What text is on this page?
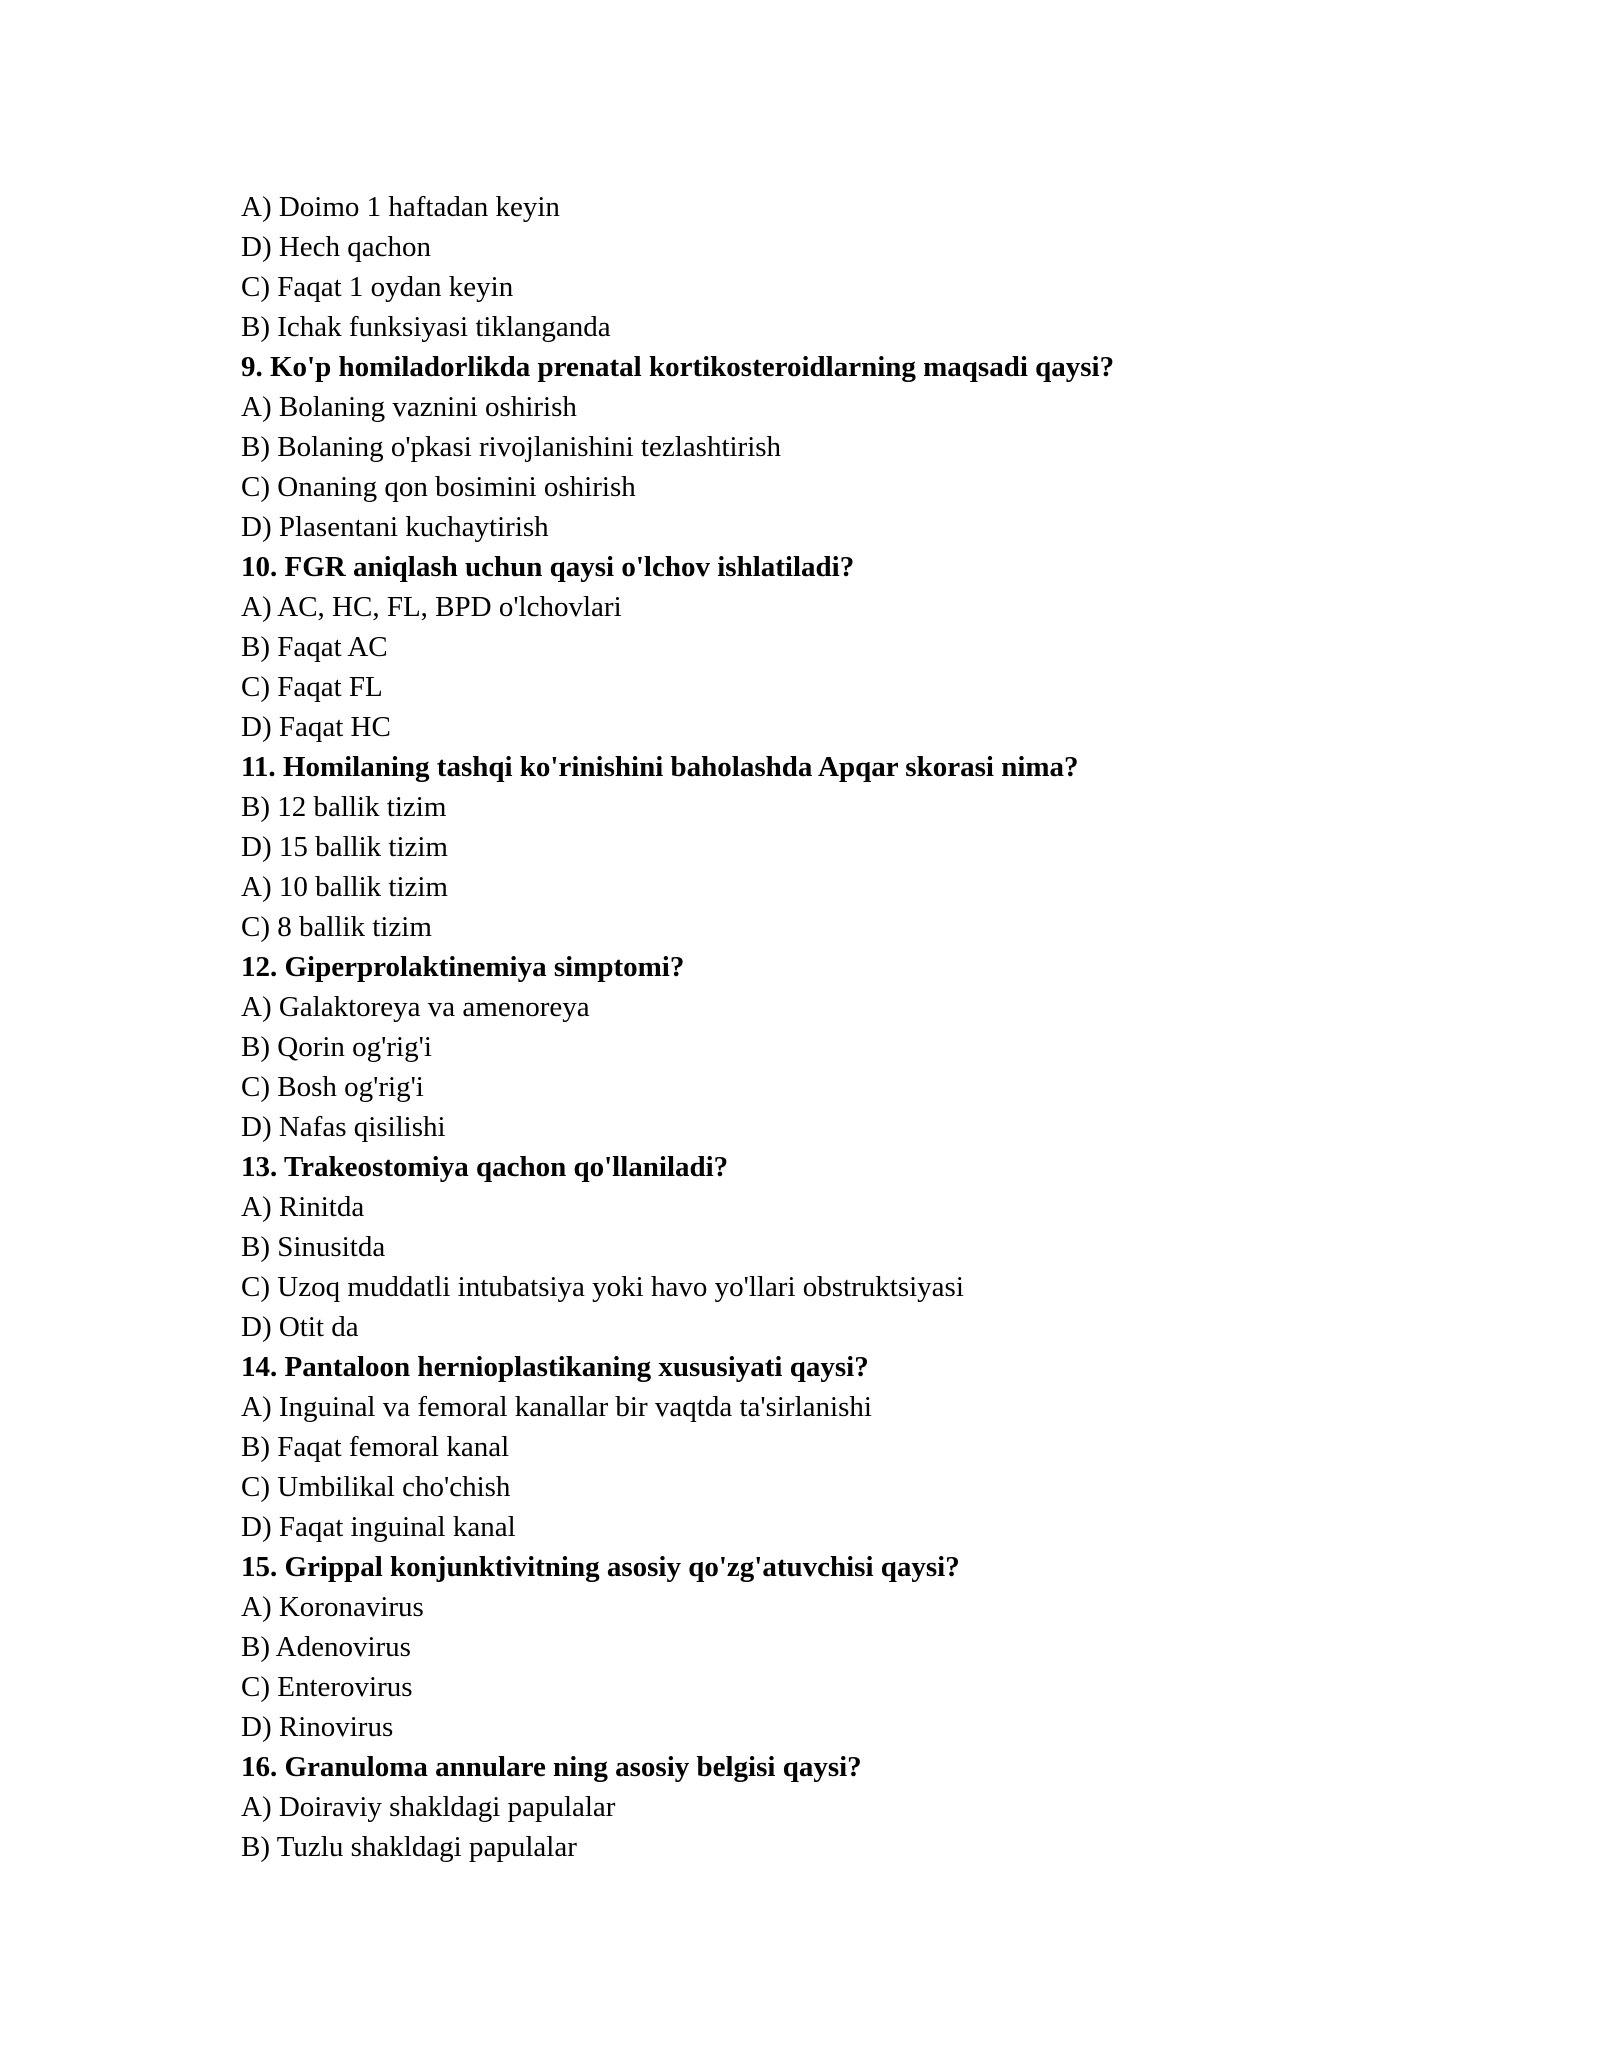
A) Doimo 1 haftadan keyin
D) Hech qachon
C) Faqat 1 oydan keyin
B) Ichak funksiyasi tiklanganda
9. Ko'p homiladorlikda prenatal kortikosteroidlarning maqsadi qaysi?
A) Bolaning vaznini oshirish
B) Bolaning o'pkasi rivojlanishini tezlashtirish
C) Onaning qon bosimini oshirish
D) Plasentani kuchaytirish
10. FGR aniqlash uchun qaysi o'lchov ishlatiladi?
A) AC, HC, FL, BPD o'lchovlari
B) Faqat AC
C) Faqat FL
D) Faqat HC
11. Homilaning tashqi ko'rinishini baholashda Apqar skorasi nima?
B) 12 ballik tizim
D) 15 ballik tizim
A) 10 ballik tizim
C) 8 ballik tizim
12. Giperprolaktinemiya simptomi?
A) Galaktoreya va amenoreya
B) Qorin og'rig'i
C) Bosh og'rig'i
D) Nafas qisilishi
13. Trakeostomiya qachon qo'llaniladi?
A) Rinitda
B) Sinusitda
C) Uzoq muddatli intubatsiya yoki havo yo'llari obstruktsiyasi
D) Otit da
14. Pantaloon hernioplastikaning xususiyati qaysi?
A) Inguinal va femoral kanallar bir vaqtda ta'sirlanishi
B) Faqat femoral kanal
C) Umbilikal cho'chish
D) Faqat inguinal kanal
15. Grippal konjunktivitning asosiy qo'zg'atuvchisi qaysi?
A) Koronavirus
B) Adenovirus
C) Enterovirus
D) Rinovirus
16. Granuloma annulare ning asosiy belgisi qaysi?
A) Doiraviy shakldagi papulalar
B) Tuzlu shakldagi papulalar
